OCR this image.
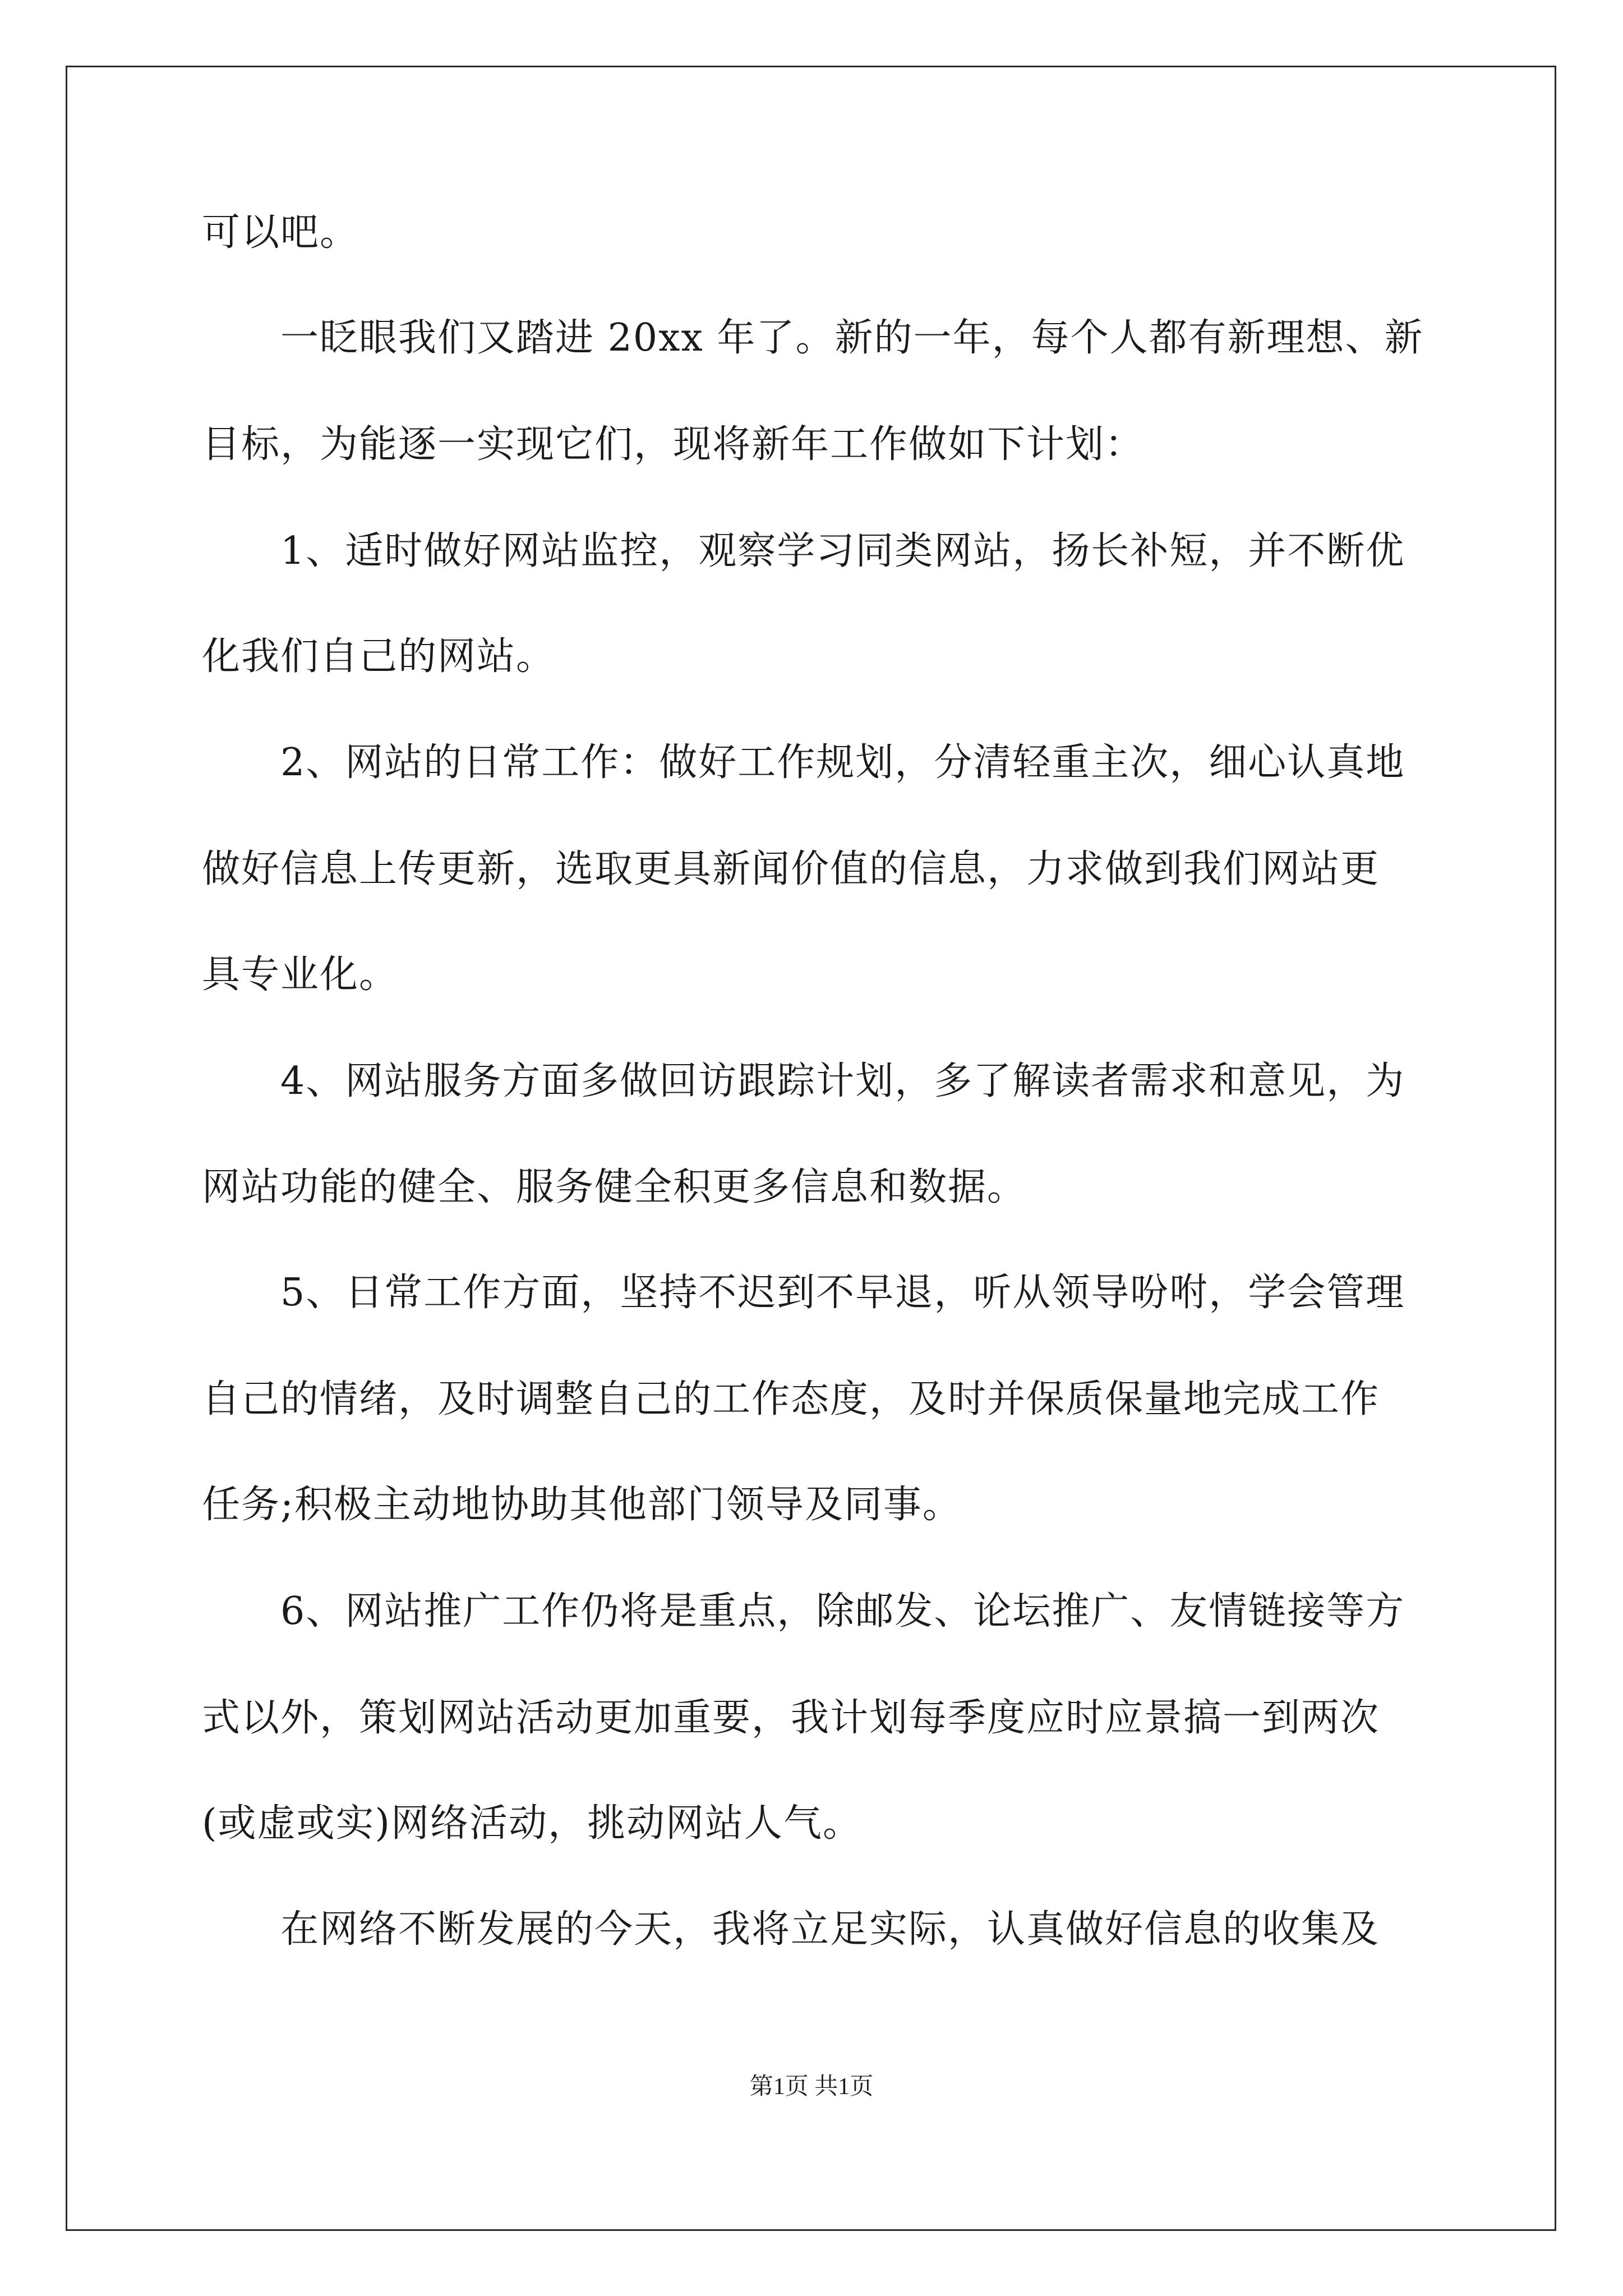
可以吧。
一眨眼我们又踏进 20xx 年了。新的一年，每个人都有新理想、新
目标，为能逐一实现它们，现将新年工作做如下计划：
1、适时做好网站监控，观察学习同类网站，扬长补短，并不断优
化我们自己的网站。
2、网站的日常工作：做好工作规划，分清轻重主次，细心认真地
做好信息上传更新，选取更具新闻价值的信息，力求做到我们网站更
具专业化。
4、网站服务方面多做回访跟踪计划，多了解读者需求和意见，为
网站功能的健全、服务健全积更多信息和数据。
5、日常工作方面，坚持不迟到不早退，听从领导吩咐，学会管理
自己的情绪，及时调整自己的工作态度，及时并保质保量地完成工作
任务;积极主动地协助其他部门领导及同事。
6、网站推广工作仍将是重点，除邮发、论坛推广、友情链接等方
式以外，策划网站活动更加重要，我计划每季度应时应景搞一到两次
(或虚或实)网络活动，挑动网站人气。
在网络不断发展的今天，我将立足实际，认真做好信息的收集及
第1页 共1页
